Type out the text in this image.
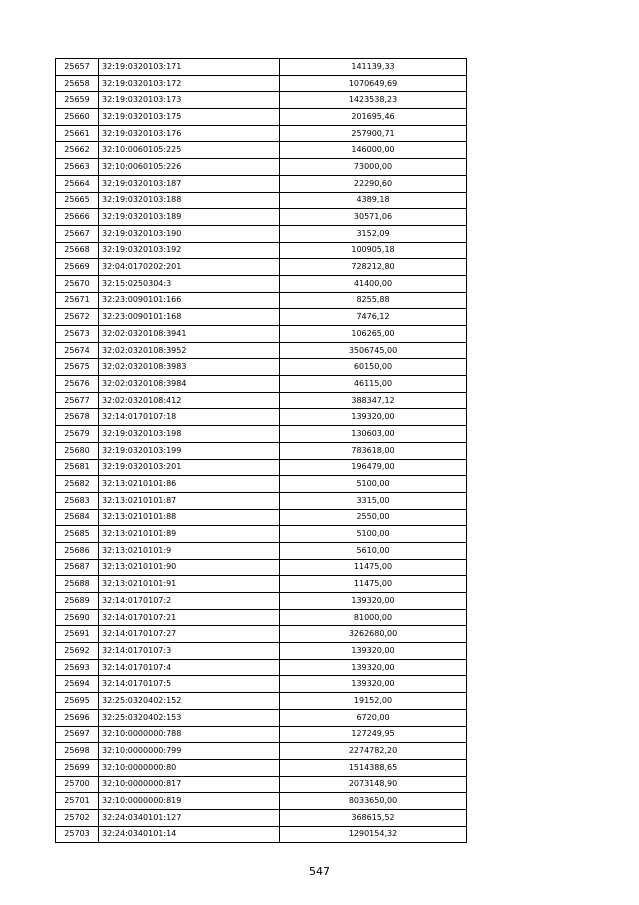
25657	32:19:0320103:171	141139,33
25658	32:19:0320103:172	1070649,69
25659	32:19:0320103:173	1423538,23
25660	32:19:0320103:175	201695,46
25661	32:19:0320103:176	257900,71
25662	32:10:0060105:225	146000,00
25663	32:10:0060105:226	73000,00
25664	32:19:0320103:187	22290,60
25665	32:19:0320103:188	4389,18
25666	32:19:0320103:189	30571,06
25667	32:19:0320103:190	3152,09
25668	32:19:0320103:192	100905,18
25669	32:04:0170202:201	728212,80
25670	32:15:0250304:3	41400,00
25671	32:23:0090101:166	8255,88
25672	32:23:0090101:168	7476,12
25673	32:02:0320108:3941	106265,00
25674	32:02:0320108:3952	3506745,00
25675	32:02:0320108:3983	60150,00
25676	32:02:0320108:3984	46115,00
25677	32:02:0320108:412	388347,12
25678	32:14:0170107:18	139320,00
25679	32:19:0320103:198	130603,00
25680	32:19:0320103:199	783618,00
25681	32:19:0320103:201	196479,00
25682	32:13:0210101:86	5100,00
25683	32:13:0210101:87	3315,00
25684	32:13:0210101:88	2550,00
25685	32:13:0210101:89	5100,00
25686	32:13:0210101:9	5610,00
25687	32:13:0210101:90	11475,00
25688	32:13:0210101:91	11475,00
25689	32:14:0170107:2	139320,00
25690	32:14:0170107:21	81000,00
25691	32:14:0170107:27	3262680,00
25692	32:14:0170107:3	139320,00
25693	32:14:0170107:4	139320,00
25694	32:14:0170107:5	139320,00
25695	32:25:0320402:152	19152,00
25696	32:25:0320402:153	6720,00
25697	32:10:0000000:788	127249,95
25698	32:10:0000000:799	2274782,20
25699	32:10:0000000:80	1514388,65
25700	32:10:0000000:817	2073148,90
25701	32:10:0000000:819	8033650,00
25702	32:24:0340101:127	368615,52
25703	32:24:0340101:14	1290154,32
547
